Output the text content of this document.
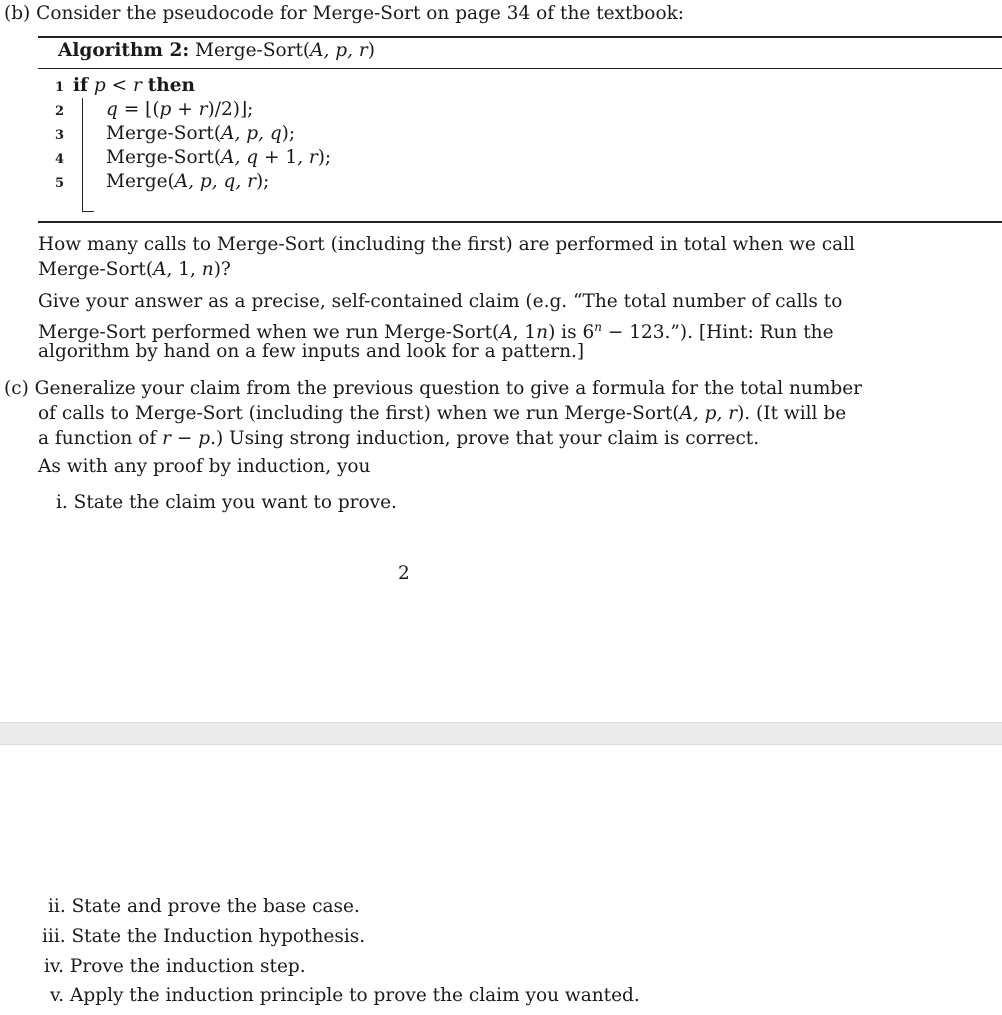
(b) Consider the pseudocode for Merge-Sort on page 34 of the textbook:
Algorithm 2: Merge-Sort(A, p, r)
1 if p < r then
2 q = ⌊(p + r)/2)⌋;
3 Merge-Sort(A, p, q);
4 Merge-Sort(A, q + 1, r);
5 Merge(A, p, q, r);
How many calls to Merge-Sort (including the first) are performed in total when we call
Merge-Sort(A, 1, n)?
Give your answer as a precise, self-contained claim (e.g. “The total number of calls to
Merge-Sort performed when we run Merge-Sort(A, 1n) is $6^n$ − 123.”). [Hint: Run the
algorithm by hand on a few inputs and look for a pattern.]
(c) Generalize your claim from the previous question to give a formula for the total number
of calls to Merge-Sort (including the first) when we run Merge-Sort(A, p, r). (It will be
a function of r − p.) Using strong induction, prove that your claim is correct.
As with any proof by induction, you
i. State the claim you want to prove.
2
ii. State and prove the base case.
iii. State the Induction hypothesis.
iv. Prove the induction step.
v. Apply the induction principle to prove the claim you wanted.
